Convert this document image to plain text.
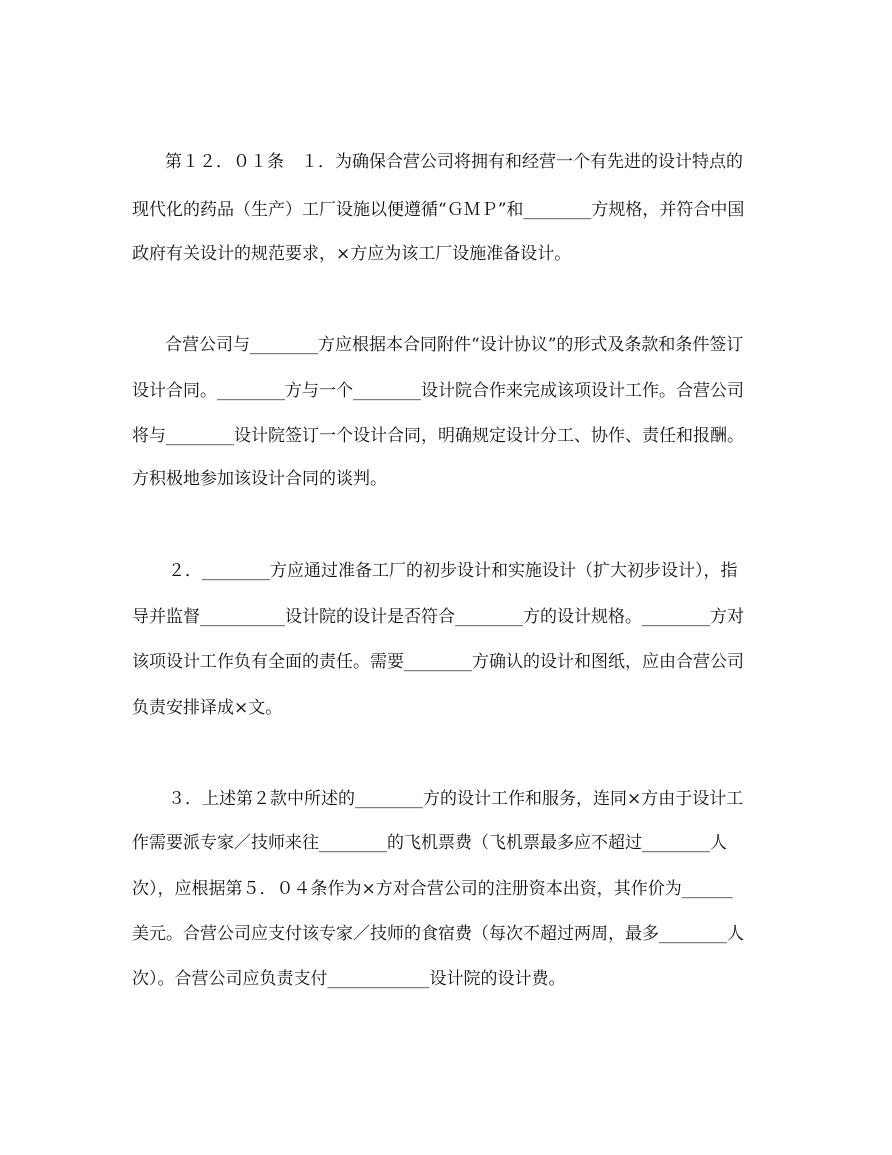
第１２．０１条　１．为确保合营公司将拥有和经营一个有先进的设计特点的
现代化的药品（生产）工厂设施以便遵循“ＧＭＰ”和________方规格，并符合中国
政府有关设计的规范要求，×方应为该工厂设施准备设计。
合营公司与________方应根据本合同附件“设计协议”的形式及条款和条件签订
设计合同。________方与一个________设计院合作来完成该项设计工作。合营公司
将与________设计院签订一个设计合同，明确规定设计分工、协作、责任和报酬。
方积极地参加该设计合同的谈判。
２．________方应通过准备工厂的初步设计和实施设计（扩大初步设计），指
导并监督__________设计院的设计是否符合________方的设计规格。________方对
该项设计工作负有全面的责任。需要________方确认的设计和图纸，应由合营公司
负责安排译成×文。
３．上述第２款中所述的________方的设计工作和服务，连同×方由于设计工
作需要派专家／技师来往________的飞机票费（飞机票最多应不超过________人
次），应根据第５．０４条作为×方对合营公司的注册资本出资，其作价为______
美元。合营公司应支付该专家／技师的食宿费（每次不超过两周，最多________人
次）。合营公司应负责支付____________设计院的设计费。
